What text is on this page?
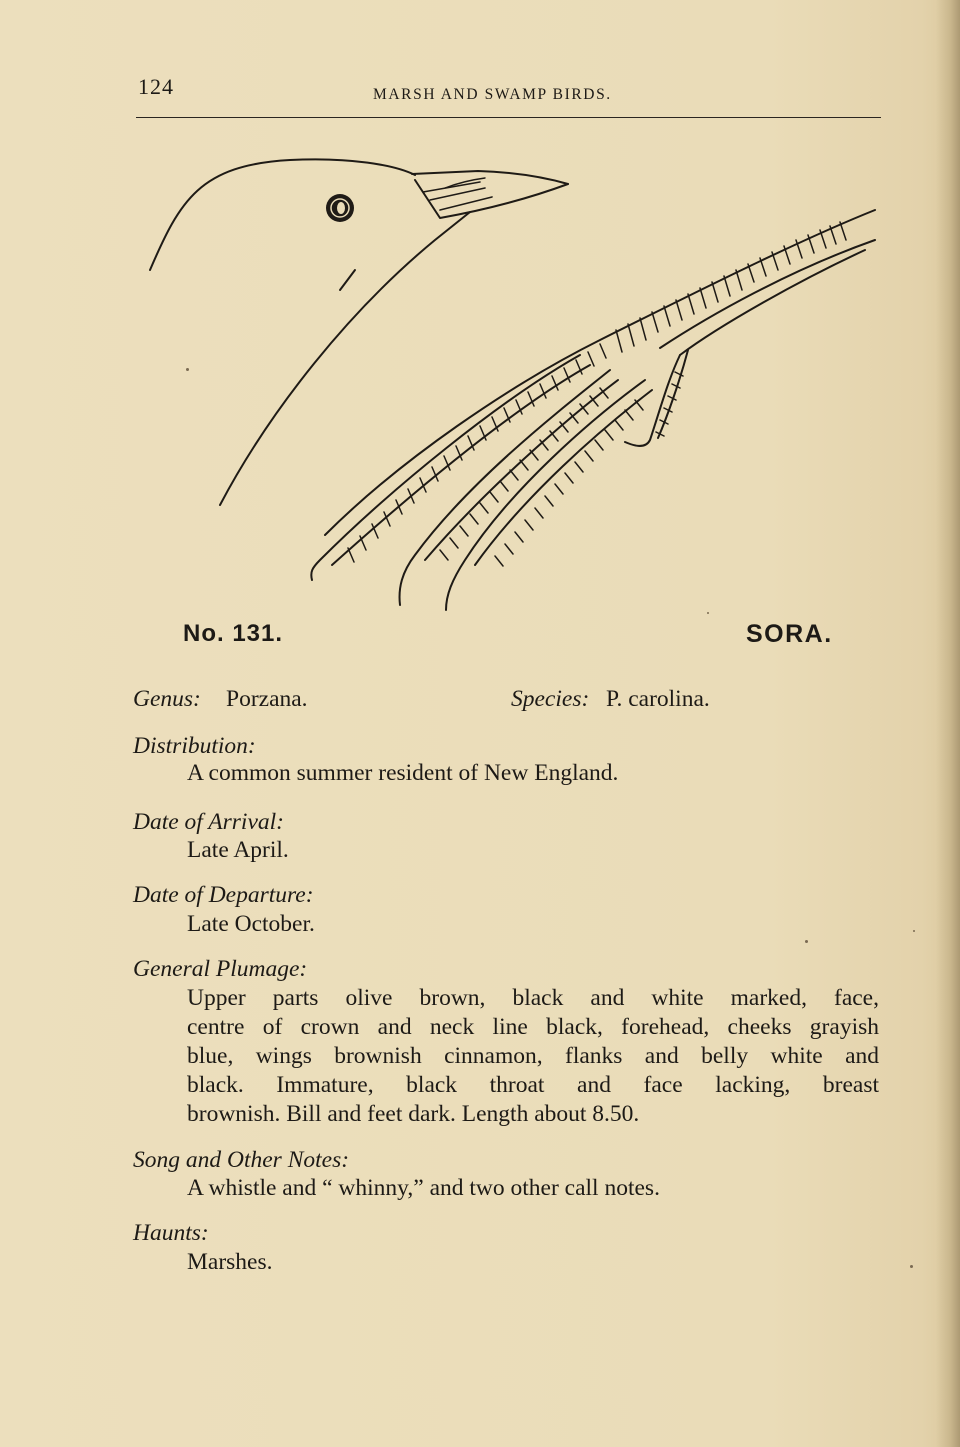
124	MARSH AND SWAMP BIRDS.
No. 131.	SORA.
Genus: Porzana.	Species: P. carolina.
Distribution:
A common summer resident of New England.
Date of Arrival:
Late April.
Date of Departure:
Late October.
General Plumage:
Upper parts olive brown, black and white marked, face,
centre of crown and neck line black, forehead, cheeks grayish
blue, wings brownish cinnamon, flanks and belly white and
black. Immature, black throat and face lacking, breast
brownish. Bill and feet dark. Length about 8.50.
Song and Other Notes:
A whistle and “ whinny,” and two other call notes.
Haunts:
Marshes.
